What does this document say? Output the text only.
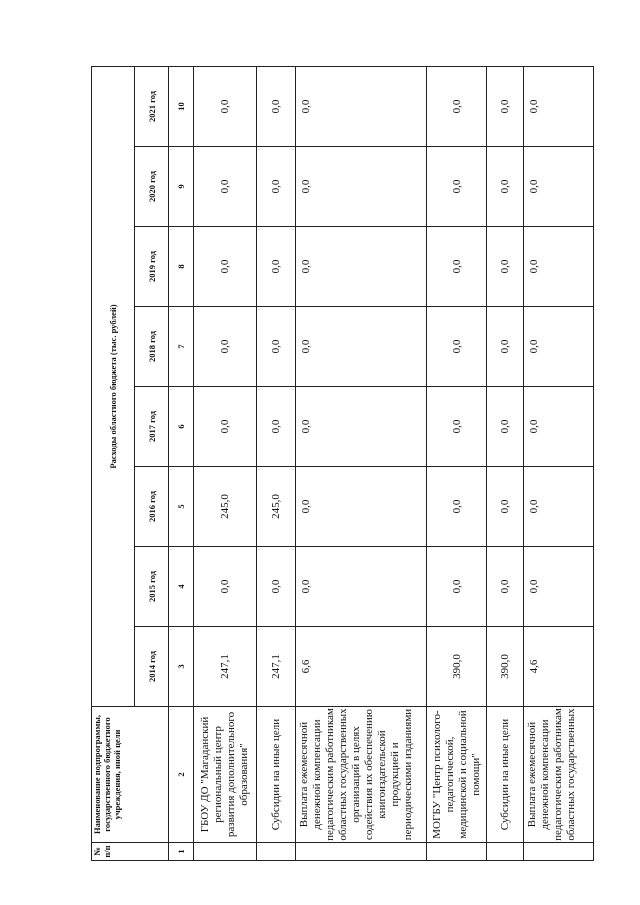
№ п/п	Наименование подпрограммы, государственного бюджетного учреждения, иной цели	Расходы областного бюджета (тыс. рублей)							
		2014 год	2015 год	2016 год	2017 год	2018 год	2019 год	2020 год	2021 год
1	2	3	4	5	6	7	8	9	10
	ГБОУ ДО "Магаданский региональный центр развития дополнительного образования"	247,1	0,0	245,0	0,0	0,0	0,0	0,0	0,0
	Субсидии на иные цели	247,1	0,0	245,0	0,0	0,0	0,0	0,0	0,0
	Выплата ежемесячной денежной компенсации педагогическим работникам областных государственных организаций в целях содействия их обеспечению книгоиздательской продукцией и периодическими изданиями	6,6	0,0	0,0	0,0	0,0	0,0	0,0	0,0
	МОГБУ "Центр психолого-педагогической, медицинской и социальной помощи"	390,0	0,0	0,0	0,0	0,0	0,0	0,0	0,0
	Субсидии на иные цели	390,0	0,0	0,0	0,0	0,0	0,0	0,0	0,0
	Выплата ежемесячной денежной компенсации педагогическим работникам областных государственных	4,6	0,0	0,0	0,0	0,0	0,0	0,0	0,0
